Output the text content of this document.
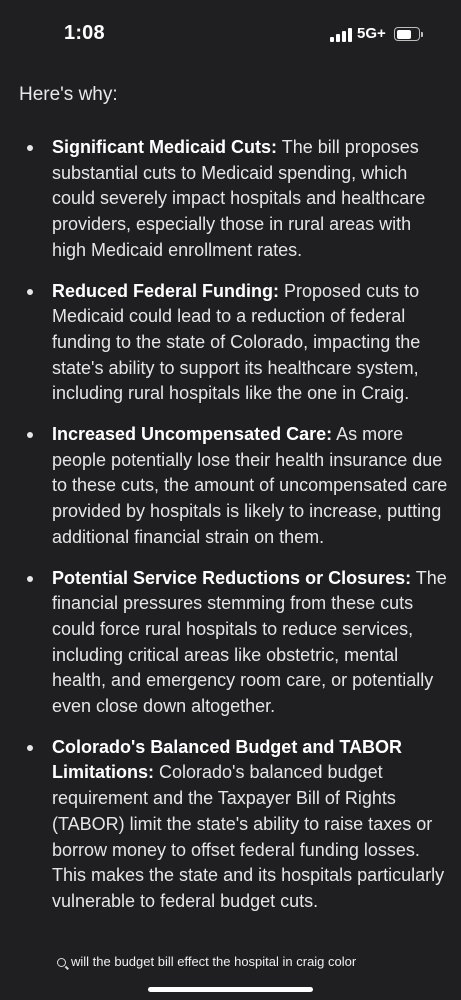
1:08	5G+

Here's why:

Significant Medicaid Cuts: The bill proposes substantial cuts to Medicaid spending, which could severely impact hospitals and healthcare providers, especially those in rural areas with high Medicaid enrollment rates.
Reduced Federal Funding: Proposed cuts to Medicaid could lead to a reduction of federal funding to the state of Colorado, impacting the state's ability to support its healthcare system, including rural hospitals like the one in Craig.
Increased Uncompensated Care: As more people potentially lose their health insurance due to these cuts, the amount of uncompensated care provided by hospitals is likely to increase, putting additional financial strain on them.
Potential Service Reductions or Closures: The financial pressures stemming from these cuts could force rural hospitals to reduce services, including critical areas like obstetric, mental health, and emergency room care, or potentially even close down altogether.
Colorado's Balanced Budget and TABOR Limitations: Colorado's balanced budget requirement and the Taxpayer Bill of Rights (TABOR) limit the state's ability to raise taxes or borrow money to offset federal funding losses. This makes the state and its hospitals particularly vulnerable to federal budget cuts.
will the budget bill effect the hospital in craig color
